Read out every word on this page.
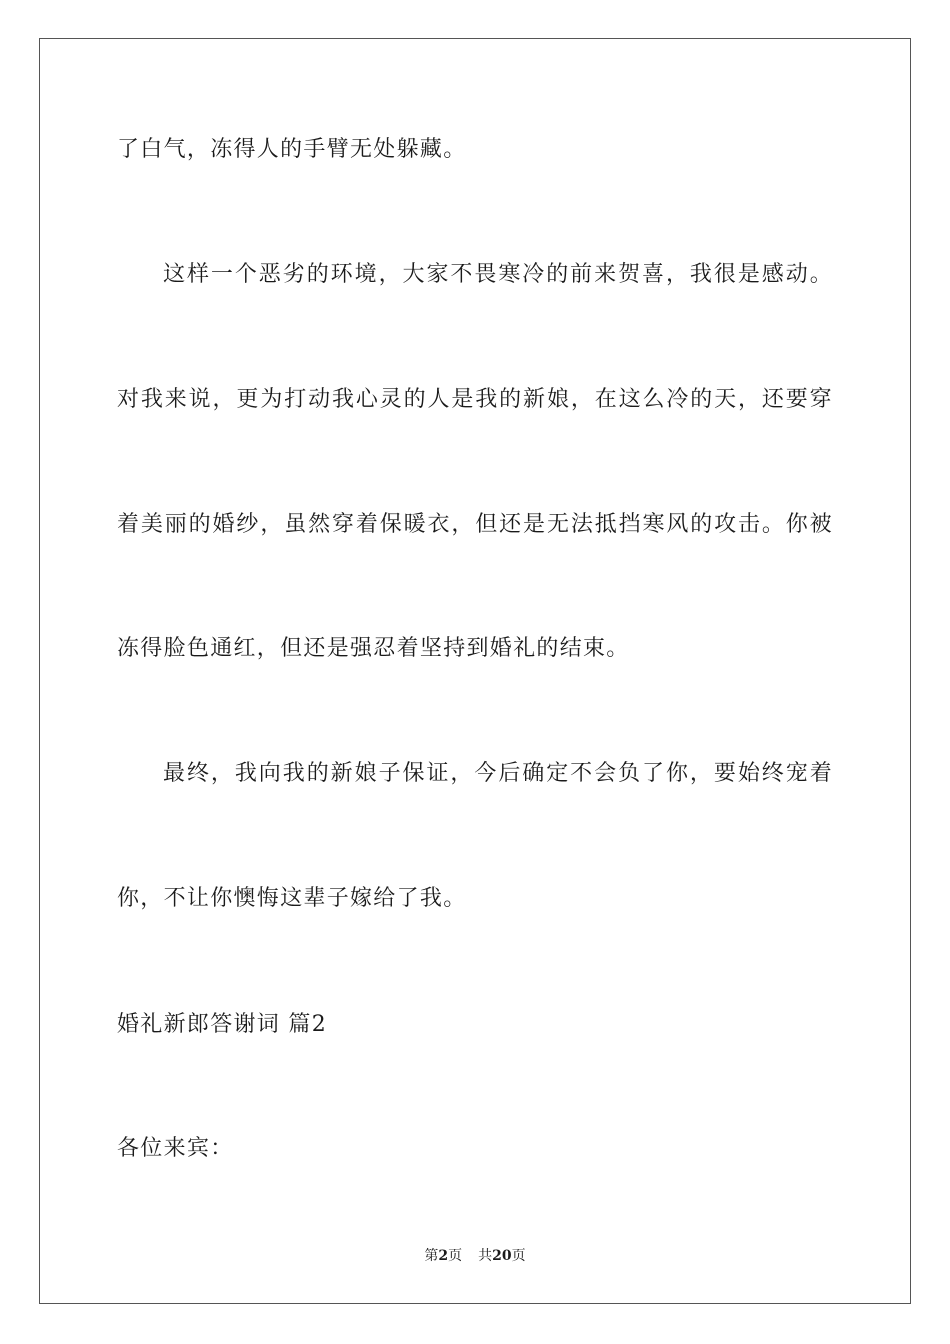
了白气，冻得人的手臂无处躲藏。
这样一个恶劣的环境，大家不畏寒冷的前来贺喜，我很是感动。
对我来说，更为打动我心灵的人是我的新娘，在这么冷的天，还要穿
着美丽的婚纱，虽然穿着保暖衣，但还是无法抵挡寒风的攻击。你被
冻得脸色通红，但还是强忍着坚持到婚礼的结束。
最终，我向我的新娘子保证，今后确定不会负了你，要始终宠着
你，不让你懊悔这辈子嫁给了我。
婚礼新郎答谢词 篇2
各位来宾：
第2页 共20页
